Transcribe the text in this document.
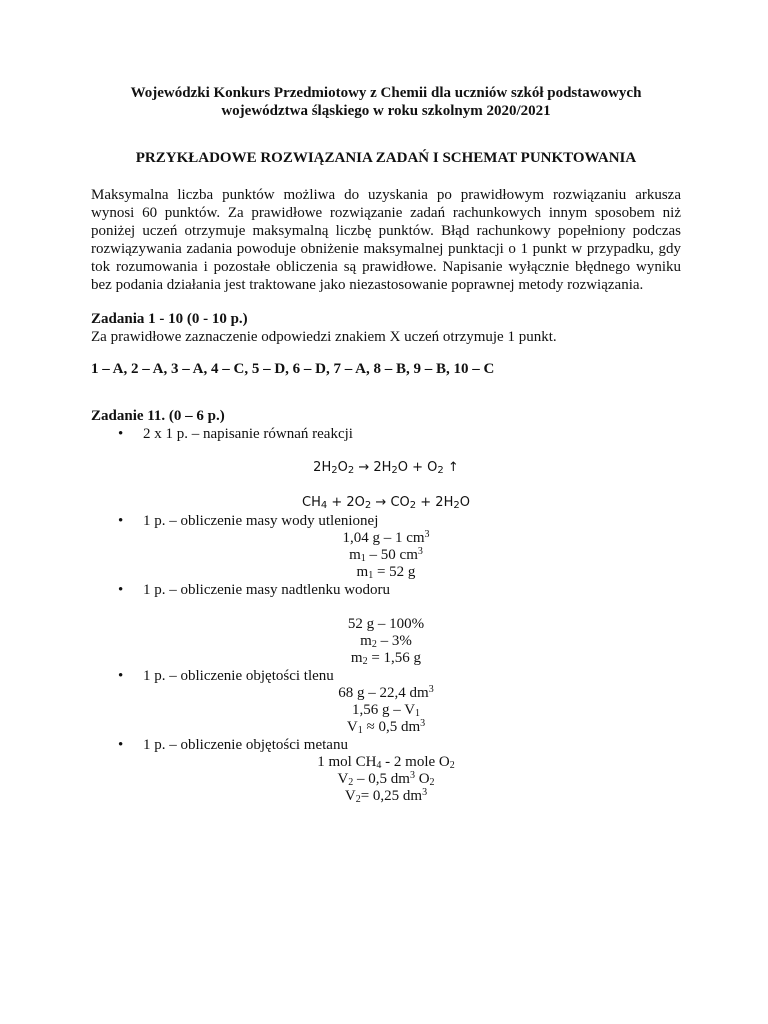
Wojewódzki Konkurs Przedmiotowy z Chemii dla uczniów szkół podstawowych

województwa śląskiego w roku szkolnym 2020/2021

PRZYKŁADOWE ROZWIĄZANIA ZADAŃ I SCHEMAT PUNKTOWANIA

Maksymalna liczba punktów możliwa do uzyskania po prawidłowym rozwiązaniu arkusza wynosi 60 punktów. Za prawidłowe rozwiązanie zadań rachunkowych innym sposobem niż poniżej uczeń otrzymuje maksymalną liczbę punktów. Błąd rachunkowy popełniony podczas rozwiązywania zadania powoduje obniżenie maksymalnej punktacji o 1 punkt w przypadku, gdy tok rozumowania i pozostałe obliczenia są prawidłowe. Napisanie wyłącznie błędnego wyniku bez podania działania jest traktowane jako niezastosowanie poprawnej metody rozwiązania.

Zadania 1 - 10 (0 - 10 p.)

Za prawidłowe zaznaczenie odpowiedzi znakiem X uczeń otrzymuje 1 punkt.

1 – A, 2 – A, 3 – A, 4 – C, 5 – D, 6 – D, 7 – A, 8 – B, 9 – B, 10 – C

Zadanie 11. (0 – 6 p.)

• 2 x 1 p. – napisanie równań reakcji
$2H_2O_2 \to 2H_2O + O_2$ ↑
$CH_4 + 2O_2 \to CO_2 + 2H_2O$
• 1 p. – obliczenie masy wody utlenionej
1,04 g – 1 $cm^3$
$m_1 - 50$ $cm^3$
$m_1 = 52$ g
• 1 p. – obliczenie masy nadtlenku wodoru
52 g – 100%
$m_2 - 3\%$
$m_2 = 1,56$ g
• 1 p. – obliczenie objętości tlenu
68 g – 22,4 $dm^3$
1,56 g – $V_1$
$V_1 \approx 0,5$ $dm^3$
• 1 p. – obliczenie objętości metanu
1 mol $CH_4 - 2$ mole $O_2$
$V_2 - 0,5$ $dm^3$ $O_2$
$V_2= 0,25$ $dm^3$
